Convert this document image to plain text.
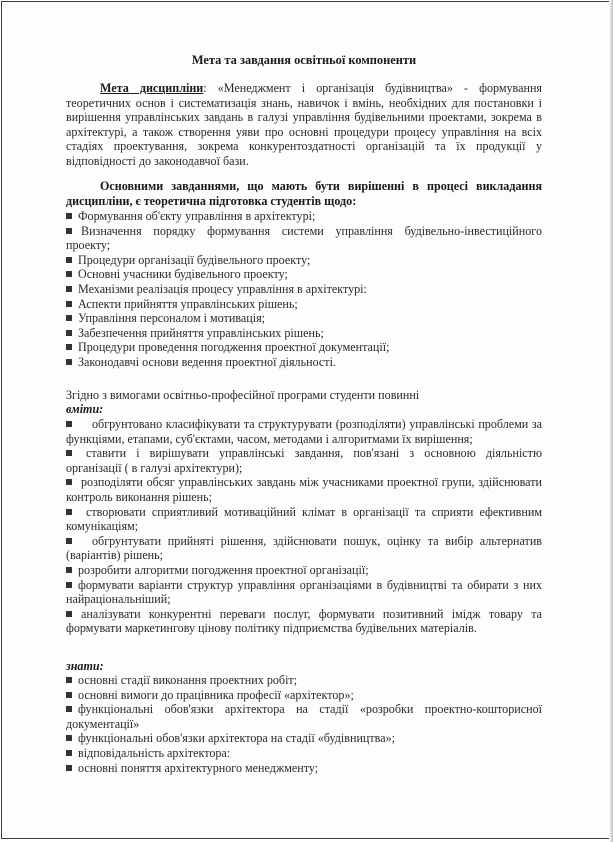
Мета та завдання освітньої компоненти
Мета дисципліни: «Менеджмент і організація будівництва» - формування теоретичних основ і систематизація знань, навичок і вмінь, необхідних для постановки і вирішення управлінських завдань в галузі управління будівельними проектами, зокрема в архітектурі, а також створення уяви про основні процедури процесу управління на всіх стадіях проектування, зокрема конкурентоздатності організацій та їх продукції у відповідності до законодавчої бази.
Основними завданнями, що мають бути вирішенні в процесі викладання дисципліни, є теоретична підготовка студентів щодо:
Формування об'єкту управління в архітектурі;
Визначення порядку формування системи управління будівельно-інвестиційного проекту;
Процедури організації будівельного проекту;
Основні учасники будівельного проекту;
Механізми реалізація процесу управління в архітектурі:
Аспекти прийняття управлінських рішень;
Управління персоналом і мотивація;
Забезпечення прийняття управлінських рішень;
Процедури проведення погодження проектної документації;
Законодавчі основи ведення проектної діяльності.
Згідно з вимогами освітньо-професійної програми студенти повинні
вміти:
обгрунтовано класифікувати та структурувати (розподіляти) управлінські проблеми за функціями, етапами, суб'єктами, часом, методами і алгоритмами їх вирішення;
ставити і вирішувати управлінські завдання, пов'язані з основною діяльністю організації ( в галузі архітектури);
розподіляти обсяг управлінських завдань між учасниками проектної групи, здійснювати контроль виконання рішень;
створювати сприятливий мотиваційний клімат в організації та сприяти ефективним комунікаціям;
обгрунтувати прийняті рішення, здійснювати пошук, оцінку та вибір альтернатив (варіантів) рішень;
розробити алгоритми погодження проектної організації;
формувати варіанти структур управління організаціями в будівництві та обирати з них найраціональніший;
аналізувати конкурентні переваги послуг, формувати позитивний імідж товару та формувати маркетингову цінову політику підприємства будівельних матеріалів.
знати:
основні стадії виконання проектних робіт;
основні вимоги до працівника професії «архітектор»;
функціональні обов'язки архітектора на стадії «розробки проектно-кошторисної документації»
функціональні обов'язки архітектора на стадії «будівництва»;
відповідальність архітектора:
основні поняття архітектурного менеджменту;
